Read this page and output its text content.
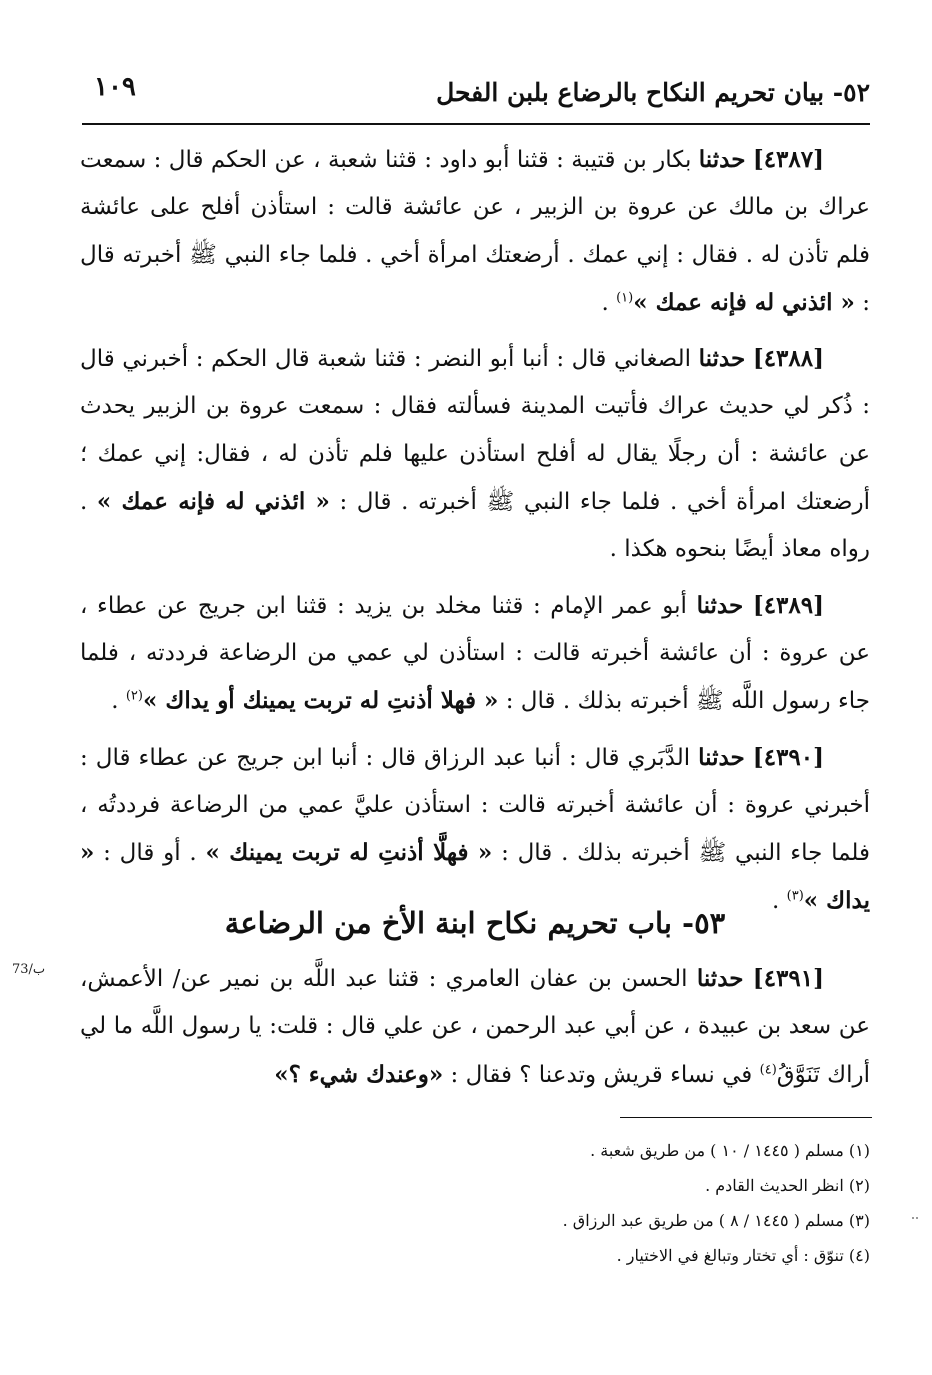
٥٢- بيان تحريم النكاح بالرضاع بلبن الفحل
١٠٩

[٤٣٨٧] حدثنا بكار بن قتيبة : قثنا أبو داود : قثنا شعبة ، عن الحكم قال : سمعت عراك بن مالك عن عروة بن الزبير ، عن عائشة قالت : استأذن أفلح على عائشة فلم تأذن له . فقال : إني عمك . أرضعتك امرأة أخي . فلما جاء النبي ﷺ أخبرته قال : « ائذني له فإنه عمك »$^{(١)}$ .

[٤٣٨٨] حدثنا الصغاني قال : أنبا أبو النضر : قثنا شعبة قال الحكم : أخبرني قال : ذُكر لي حديث عراك فأتيت المدينة فسألته فقال : سمعت عروة بن الزبير يحدث عن عائشة : أن رجلًا يقال له أفلح استأذن عليها فلم تأذن له ، فقال: إني عمك ؛ أرضعتك امرأة أخي . فلما جاء النبي ﷺ أخبرته . قال : « ائذني له فإنه عمك » . رواه معاذ أيضًا بنحوه هكذا .

[٤٣٨٩] حدثنا أبو عمر الإمام : قثنا مخلد بن يزيد : قثنا ابن جريج عن عطاء ، عن عروة : أن عائشة أخبرته قالت : استأذن لي عمي من الرضاعة فرددته ، فلما جاء رسول اللَّه ﷺ أخبرته بذلك . قال : « فهلا أذنتِ له تربت يمينك أو يداك »$^{(٢)}$ .

[٤٣٩٠] حدثنا الدَّبَري قال : أنبا عبد الرزاق قال : أنبا ابن جريج عن عطاء قال : أخبرني عروة : أن عائشة أخبرته قالت : استأذن عليَّ عمي من الرضاعة فرددتُه ، فلما جاء النبي ﷺ أخبرته بذلك . قال : « فهلَّا أذنتِ له تربت يمينك » . أو قال : « يداك »$^{(٣)}$ .

٥٣- باب تحريم نكاح ابنة الأخ من الرضاعة
73/ب	[٤٣٩١] حدثنا الحسن بن عفان العامري : قثنا عبد اللَّه بن نمير عن/ الأعمش، عن سعد بن عبيدة ، عن أبي عبد الرحمن ، عن علي قال : قلت: يا رسول اللَّه ما لي أراك تَنَوَّقُ$^{(٤)}$ في نساء قريش وتدعنا ؟ فقال : «وعندك شيء ؟»

(١) مسلم ( ١٤٤٥ / ١٠ ) من طريق شعبة .
(٢) انظر الحديث القادم .
(٣) مسلم ( ١٤٤٥ / ٨ ) من طريق عبد الرزاق .
(٤) تنوّق : أي تختار وتبالغ في الاختيار .
